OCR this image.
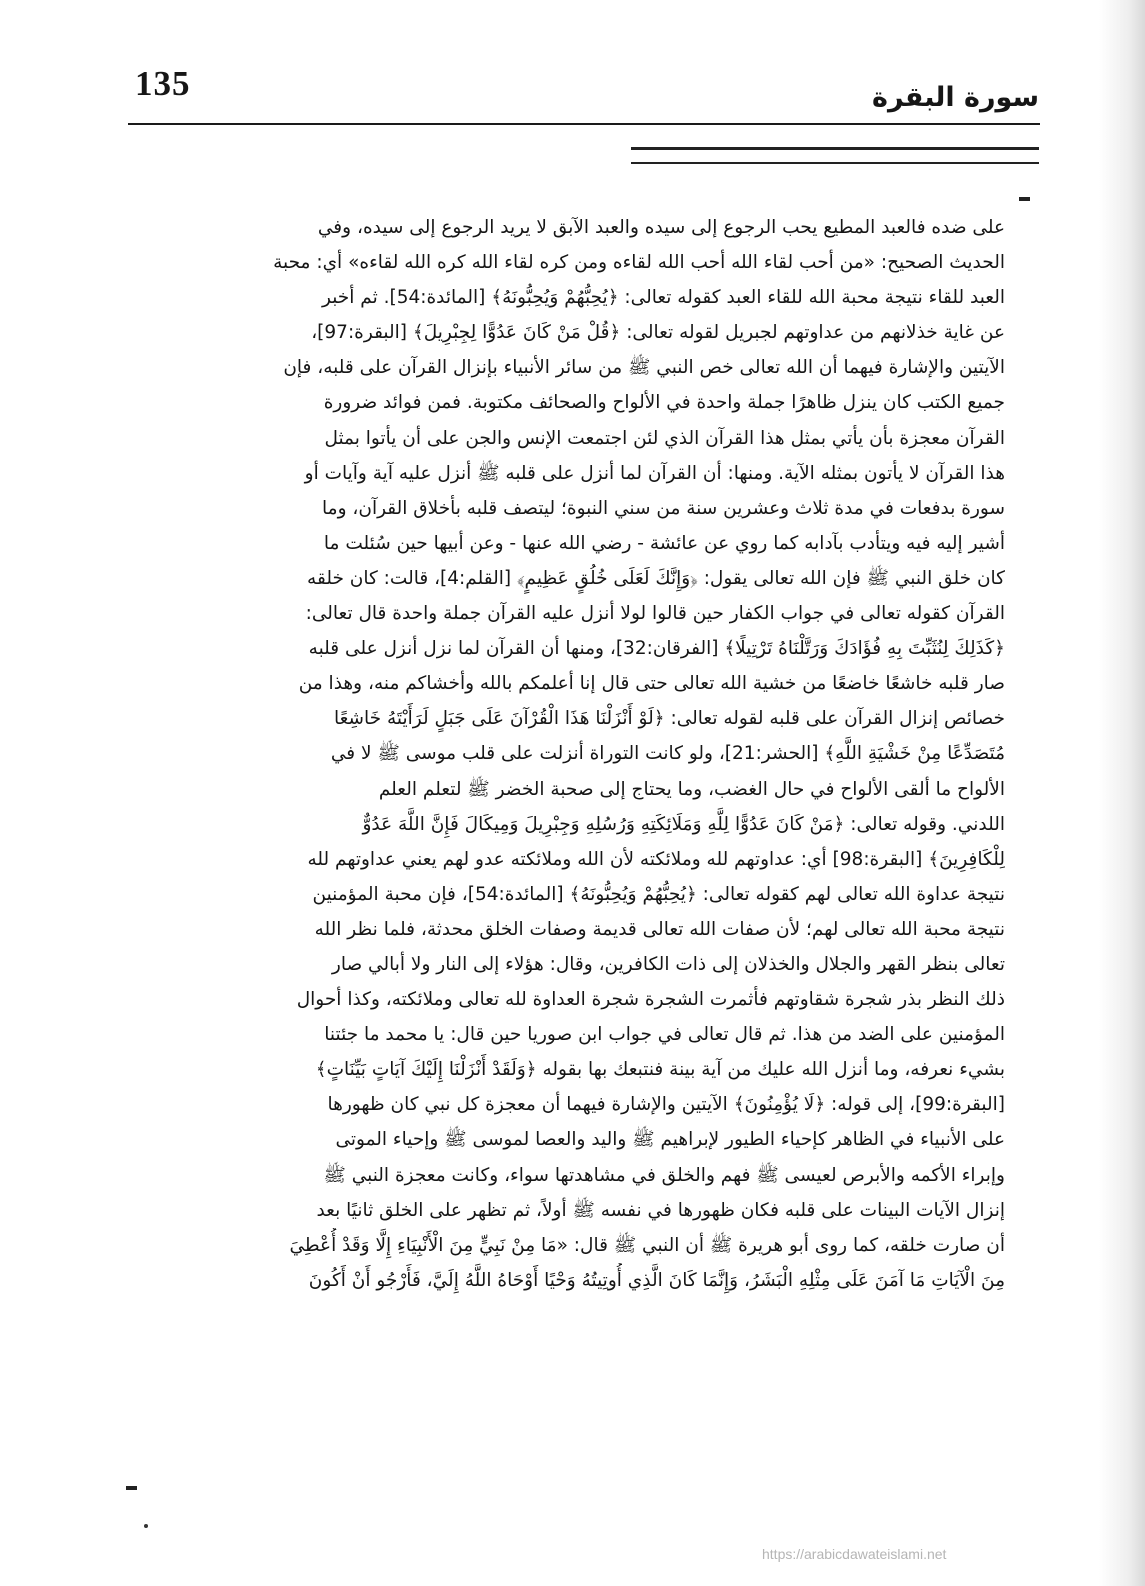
135	سورة البقرة
على ضده فالعبد المطيع يحب الرجوع إلى سيده والعبد الآبق لا يريد الرجوع إلى سيده، وفي
الحديث الصحيح: «من أحب لقاء الله أحب الله لقاءه ومن كره لقاء الله كره الله لقاءه» أي: محبة
العبد للقاء نتيجة محبة الله للقاء العبد كقوله تعالى: ﴿يُحِبُّهُمْ وَيُحِبُّونَهُ﴾ [المائدة:54]. ثم أخبر
عن غاية خذلانهم من عداوتهم لجبريل لقوله تعالى: ﴿قُلْ مَنْ كَانَ عَدُوًّا لِجِبْرِيلَ﴾ [البقرة:97]،
الآيتين والإشارة فيهما أن الله تعالى خص النبي ﷺ من سائر الأنبياء بإنزال القرآن على قلبه، فإن
جميع الكتب كان ينزل ظاهرًا جملة واحدة في الألواح والصحائف مكتوبة. فمن فوائد ضرورة
القرآن معجزة بأن يأتي بمثل هذا القرآن الذي لئن اجتمعت الإنس والجن على أن يأتوا بمثل
هذا القرآن لا يأتون بمثله الآية. ومنها: أن القرآن لما أنزل على قلبه ﷺ أنزل عليه آية وآيات أو
سورة بدفعات في مدة ثلاث وعشرين سنة من سني النبوة؛ ليتصف قلبه بأخلاق القرآن، وما
أشير إليه فيه ويتأدب بآدابه كما روي عن عائشة - رضي الله عنها - وعن أبيها حين سُئلت ما
كان خلق النبي ﷺ فإن الله تعالى يقول: ﴿وَإِنَّكَ لَعَلَى خُلُقٍ عَظِيمٍ﴾ [القلم:4]، قالت: كان خلقه
القرآن كقوله تعالى في جواب الكفار حين قالوا لولا أنزل عليه القرآن جملة واحدة قال تعالى:
﴿كَذَلِكَ لِنُثَبِّتَ بِهِ فُؤَادَكَ وَرَتَّلْنَاهُ تَرْتِيلًا﴾ [الفرقان:32]، ومنها أن القرآن لما نزل أنزل على قلبه
صار قلبه خاشعًا خاضعًا من خشية الله تعالى حتى قال إنا أعلمكم بالله وأخشاكم منه، وهذا من
خصائص إنزال القرآن على قلبه لقوله تعالى: ﴿لَوْ أَنْزَلْنَا هَذَا الْقُرْآنَ عَلَى جَبَلٍ لَرَأَيْتَهُ خَاشِعًا
مُتَصَدِّعًا مِنْ خَشْيَةِ اللَّهِ﴾ [الحشر:21]، ولو كانت التوراة أنزلت على قلب موسى ﷺ لا في
الألواح ما ألقى الألواح في حال الغضب، وما يحتاج إلى صحبة الخضر ﷺ لتعلم العلم
اللدني. وقوله تعالى: ﴿مَنْ كَانَ عَدُوًّا لِلَّهِ وَمَلَائِكَتِهِ وَرُسُلِهِ وَجِبْرِيلَ وَمِيكَالَ فَإِنَّ اللَّهَ عَدُوٌّ
لِلْكَافِرِينَ﴾ [البقرة:98] أي: عداوتهم لله وملائكته لأن الله وملائكته عدو لهم يعني عداوتهم لله
نتيجة عداوة الله تعالى لهم كقوله تعالى: ﴿يُحِبُّهُمْ وَيُحِبُّونَهُ﴾ [المائدة:54]، فإن محبة المؤمنين
نتيجة محبة الله تعالى لهم؛ لأن صفات الله تعالى قديمة وصفات الخلق محدثة، فلما نظر الله
تعالى بنظر القهر والجلال والخذلان إلى ذات الكافرين، وقال: هؤلاء إلى النار ولا أبالي صار
ذلك النظر بذر شجرة شقاوتهم فأثمرت الشجرة شجرة العداوة لله تعالى وملائكته، وكذا أحوال
المؤمنين على الضد من هذا. ثم قال تعالى في جواب ابن صوريا حين قال: يا محمد ما جئتنا
بشيء نعرفه، وما أنزل الله عليك من آية بينة فنتبعك بها بقوله ﴿وَلَقَدْ أَنْزَلْنَا إِلَيْكَ آيَاتٍ بَيِّنَاتٍ﴾
[البقرة:99]، إلى قوله: ﴿لَا يُؤْمِنُونَ﴾ الآيتين والإشارة فيهما أن معجزة كل نبي كان ظهورها
على الأنبياء في الظاهر كإحياء الطيور لإبراهيم ﷺ واليد والعصا لموسى ﷺ وإحياء الموتى
وإبراء الأكمه والأبرص لعيسى ﷺ فهم والخلق في مشاهدتها سواء، وكانت معجزة النبي ﷺ
إنزال الآيات البينات على قلبه فكان ظهورها في نفسه ﷺ أولاً، ثم تظهر على الخلق ثانيًا بعد
أن صارت خلقه، كما روى أبو هريرة ﷺ أن النبي ﷺ قال: «مَا مِنْ نَبِيٍّ مِنَ الْأَنْبِيَاءِ إِلَّا وَقَدْ أُعْطِيَ
مِنَ الْآيَاتِ مَا آمَنَ عَلَى مِثْلِهِ الْبَشَرُ، وَإِنَّمَا كَانَ الَّذِي أُوتِيتُهُ وَحْيًا أَوْحَاهُ اللَّهُ إِلَيَّ، فَأَرْجُو أَنْ أَكُونَ
https://arabicdawateislami.net
